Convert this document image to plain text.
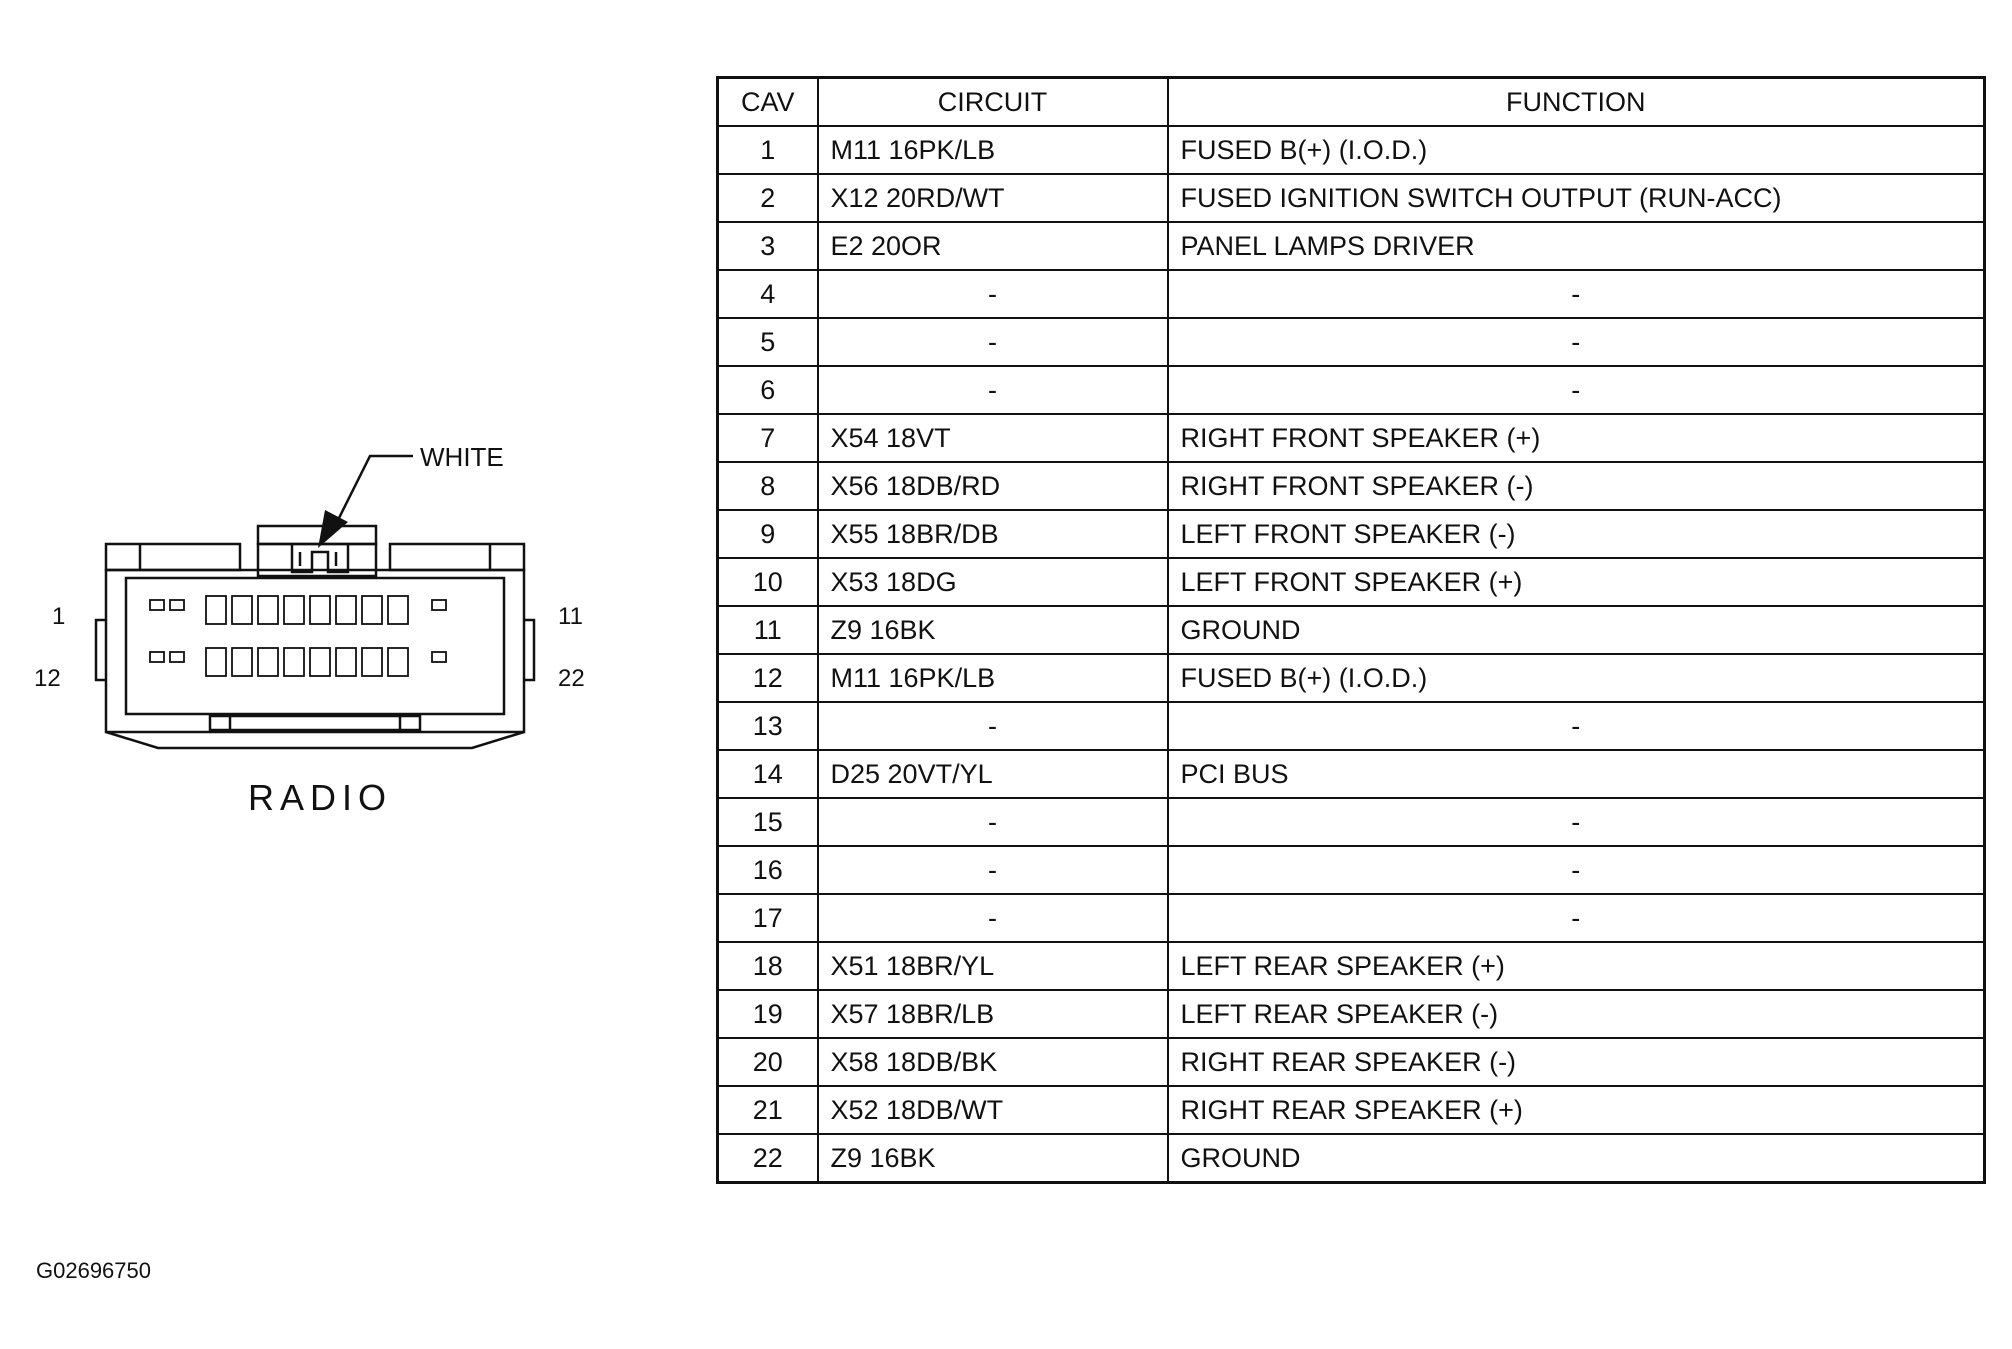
WHITE
1
12
11
22
RADIO
CAV	CIRCUIT	FUNCTION
1	M11 16PK/LB	FUSED B(+) (I.O.D.)
2	X12 20RD/WT	FUSED IGNITION SWITCH OUTPUT (RUN-ACC)
3	E2 20OR	PANEL LAMPS DRIVER
4	-	-
5	-	-
6	-	-
7	X54 18VT	RIGHT FRONT SPEAKER (+)
8	X56 18DB/RD	RIGHT FRONT SPEAKER (-)
9	X55 18BR/DB	LEFT FRONT SPEAKER (-)
10	X53 18DG	LEFT FRONT SPEAKER (+)
11	Z9 16BK	GROUND
12	M11 16PK/LB	FUSED B(+) (I.O.D.)
13	-	-
14	D25 20VT/YL	PCI BUS
15	-	-
16	-	-
17	-	-
18	X51 18BR/YL	LEFT REAR SPEAKER (+)
19	X57 18BR/LB	LEFT REAR SPEAKER (-)
20	X58 18DB/BK	RIGHT REAR SPEAKER (-)
21	X52 18DB/WT	RIGHT REAR SPEAKER (+)
22	Z9 16BK	GROUND
G02696750
